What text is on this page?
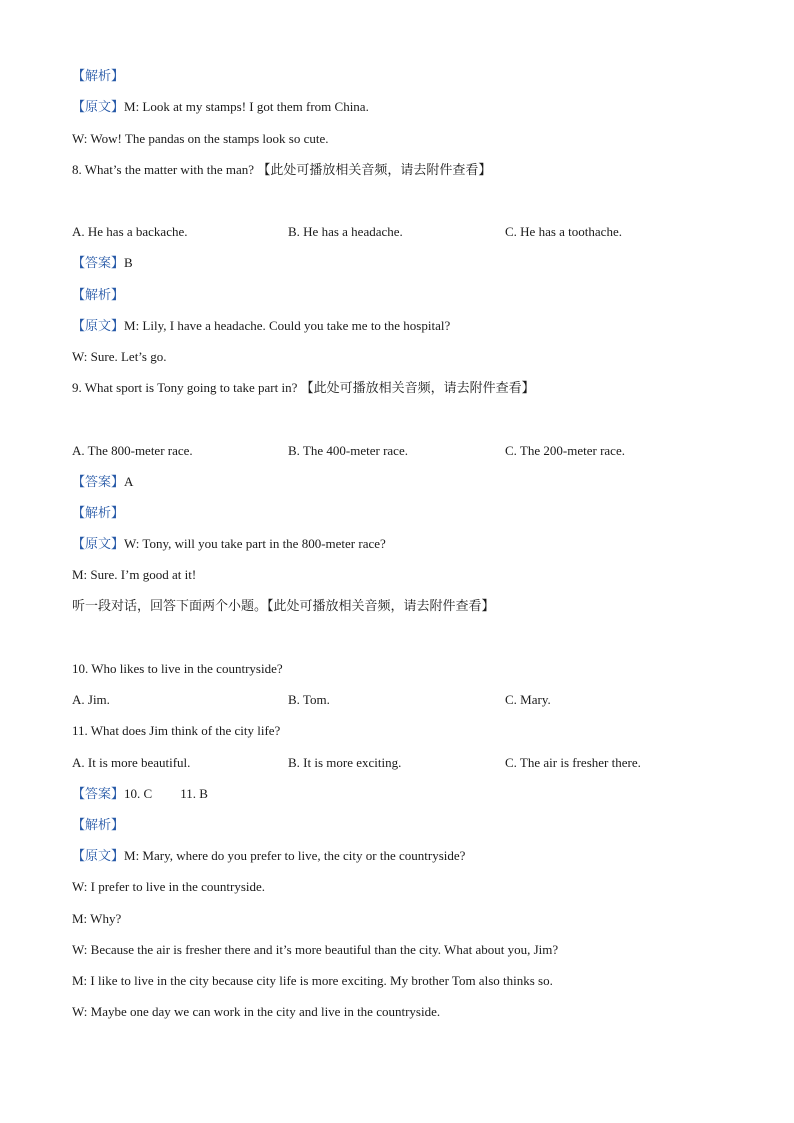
【解析】
【原文】M: Look at my stamps! I got them from China.
W: Wow! The pandas on the stamps look so cute.
8. What’s the matter with the man? 【此处可播放相关音频，请去附件查看】
A. He has a backache.	B. He has a headache.	C. He has a toothache.
【答案】B
【解析】
【原文】M: Lily, I have a headache. Could you take me to the hospital?
W: Sure. Let’s go.
9. What sport is Tony going to take part in? 【此处可播放相关音频，请去附件查看】
A. The 800-meter race.	B. The 400-meter race.	C. The 200-meter race.
【答案】A
【解析】
【原文】W: Tony, will you take part in the 800-meter race?
M: Sure. I’m good at it!
听一段对话，回答下面两个小题。【此处可播放相关音频，请去附件查看】
10. Who likes to live in the countryside?
A. Jim.	B. Tom.	C. Mary.
11. What does Jim think of the city life?
A. It is more beautiful.	B. It is more exciting.	C. The air is fresher there.
【答案】10. C 11. B
【解析】
【原文】M: Mary, where do you prefer to live, the city or the countryside?
W: I prefer to live in the countryside.
M: Why?
W: Because the air is fresher there and it’s more beautiful than the city. What about you, Jim?
M: I like to live in the city because city life is more exciting. My brother Tom also thinks so.
W: Maybe one day we can work in the city and live in the countryside.
